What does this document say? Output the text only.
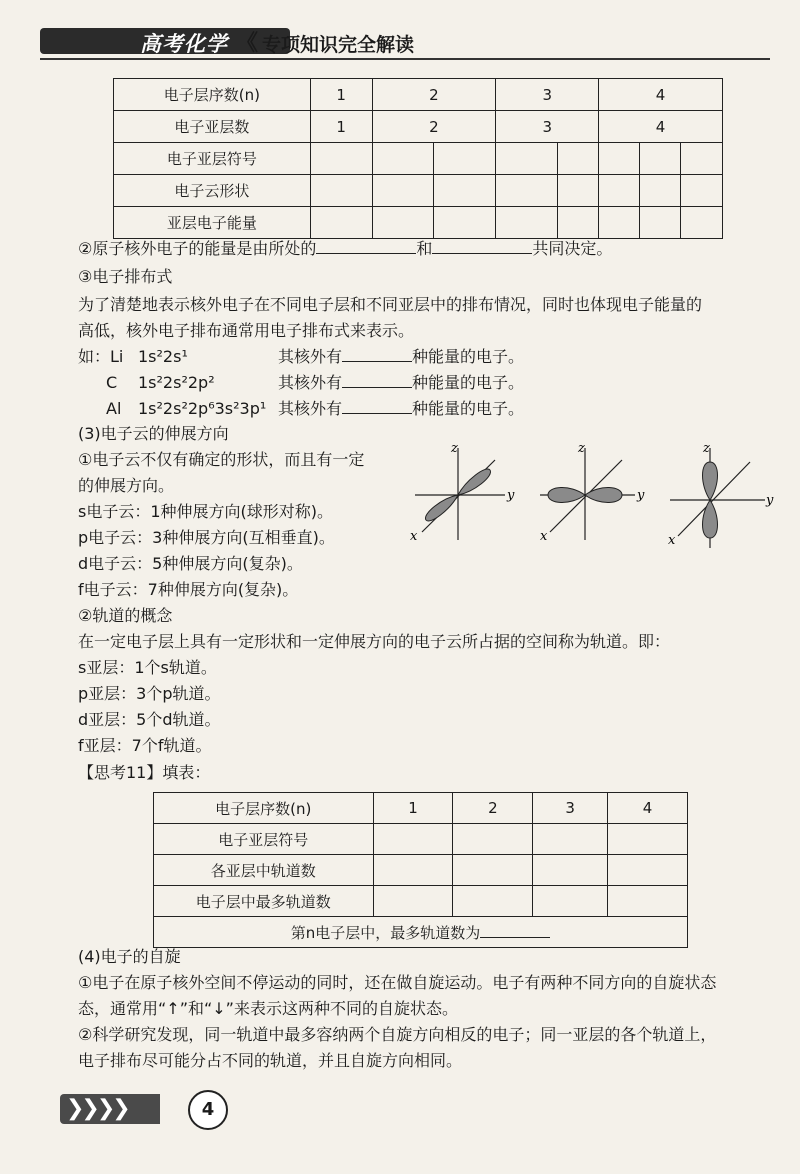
高考化学 《 专项知识完全解读
电子层序数(n)	1	2		3		4		
电子亚层数	1	2		3		4		
电子亚层符号								
电子云形状								
亚层电子能量								
②原子核外电子的能量是由所处的	和	共同决定。
③电子排布式
为了清楚地表示核外电子在不同电子层和不同亚层中的排布情况，同时也体现电子能量的
高低，核外电子排布通常用电子排布式来表示。
如：Li 1s²2s¹	其核外有	种能量的电子。
C 1s²2s²2p²	其核外有	种能量的电子。
Al 1s²2s²2p⁶3s²3p¹ 其核外有	种能量的电子。
(3)电子云的伸展方向
①电子云不仅有确定的形状，而且有一定
的伸展方向。
s电子云：1种伸展方向(球形对称)。
p电子云：3种伸展方向(互相垂直)。
d电子云：5种伸展方向(复杂)。
f电子云：7种伸展方向(复杂)。
②轨道的概念
在一定电子层上具有一定形状和一定伸展方向的电子云所占据的空间称为轨道。即：
s亚层：1个s轨道。
p亚层：3个p轨道。
d亚层：5个d轨道。
f亚层：7个f轨道。
【思考11】填表：
z
y
x
z
y
x
z
y
x
电子层序数(n)	1	2	3	4
电子亚层符号				
各亚层中轨道数				
电子层中最多轨道数				
第n电子层中，最多轨道数为				
(4)电子的自旋
①电子在原子核外空间不停运动的同时，还在做自旋运动。电子有两种不同方向的自旋状态
态，通常用“↑”和“↓”来表示这两种不同的自旋状态。
②科学研究发现，同一轨道中最多容纳两个自旋方向相反的电子；同一亚层的各个轨道上，
电子排布尽可能分占不同的轨道，并且自旋方向相同。
❯❯❯❯	4
